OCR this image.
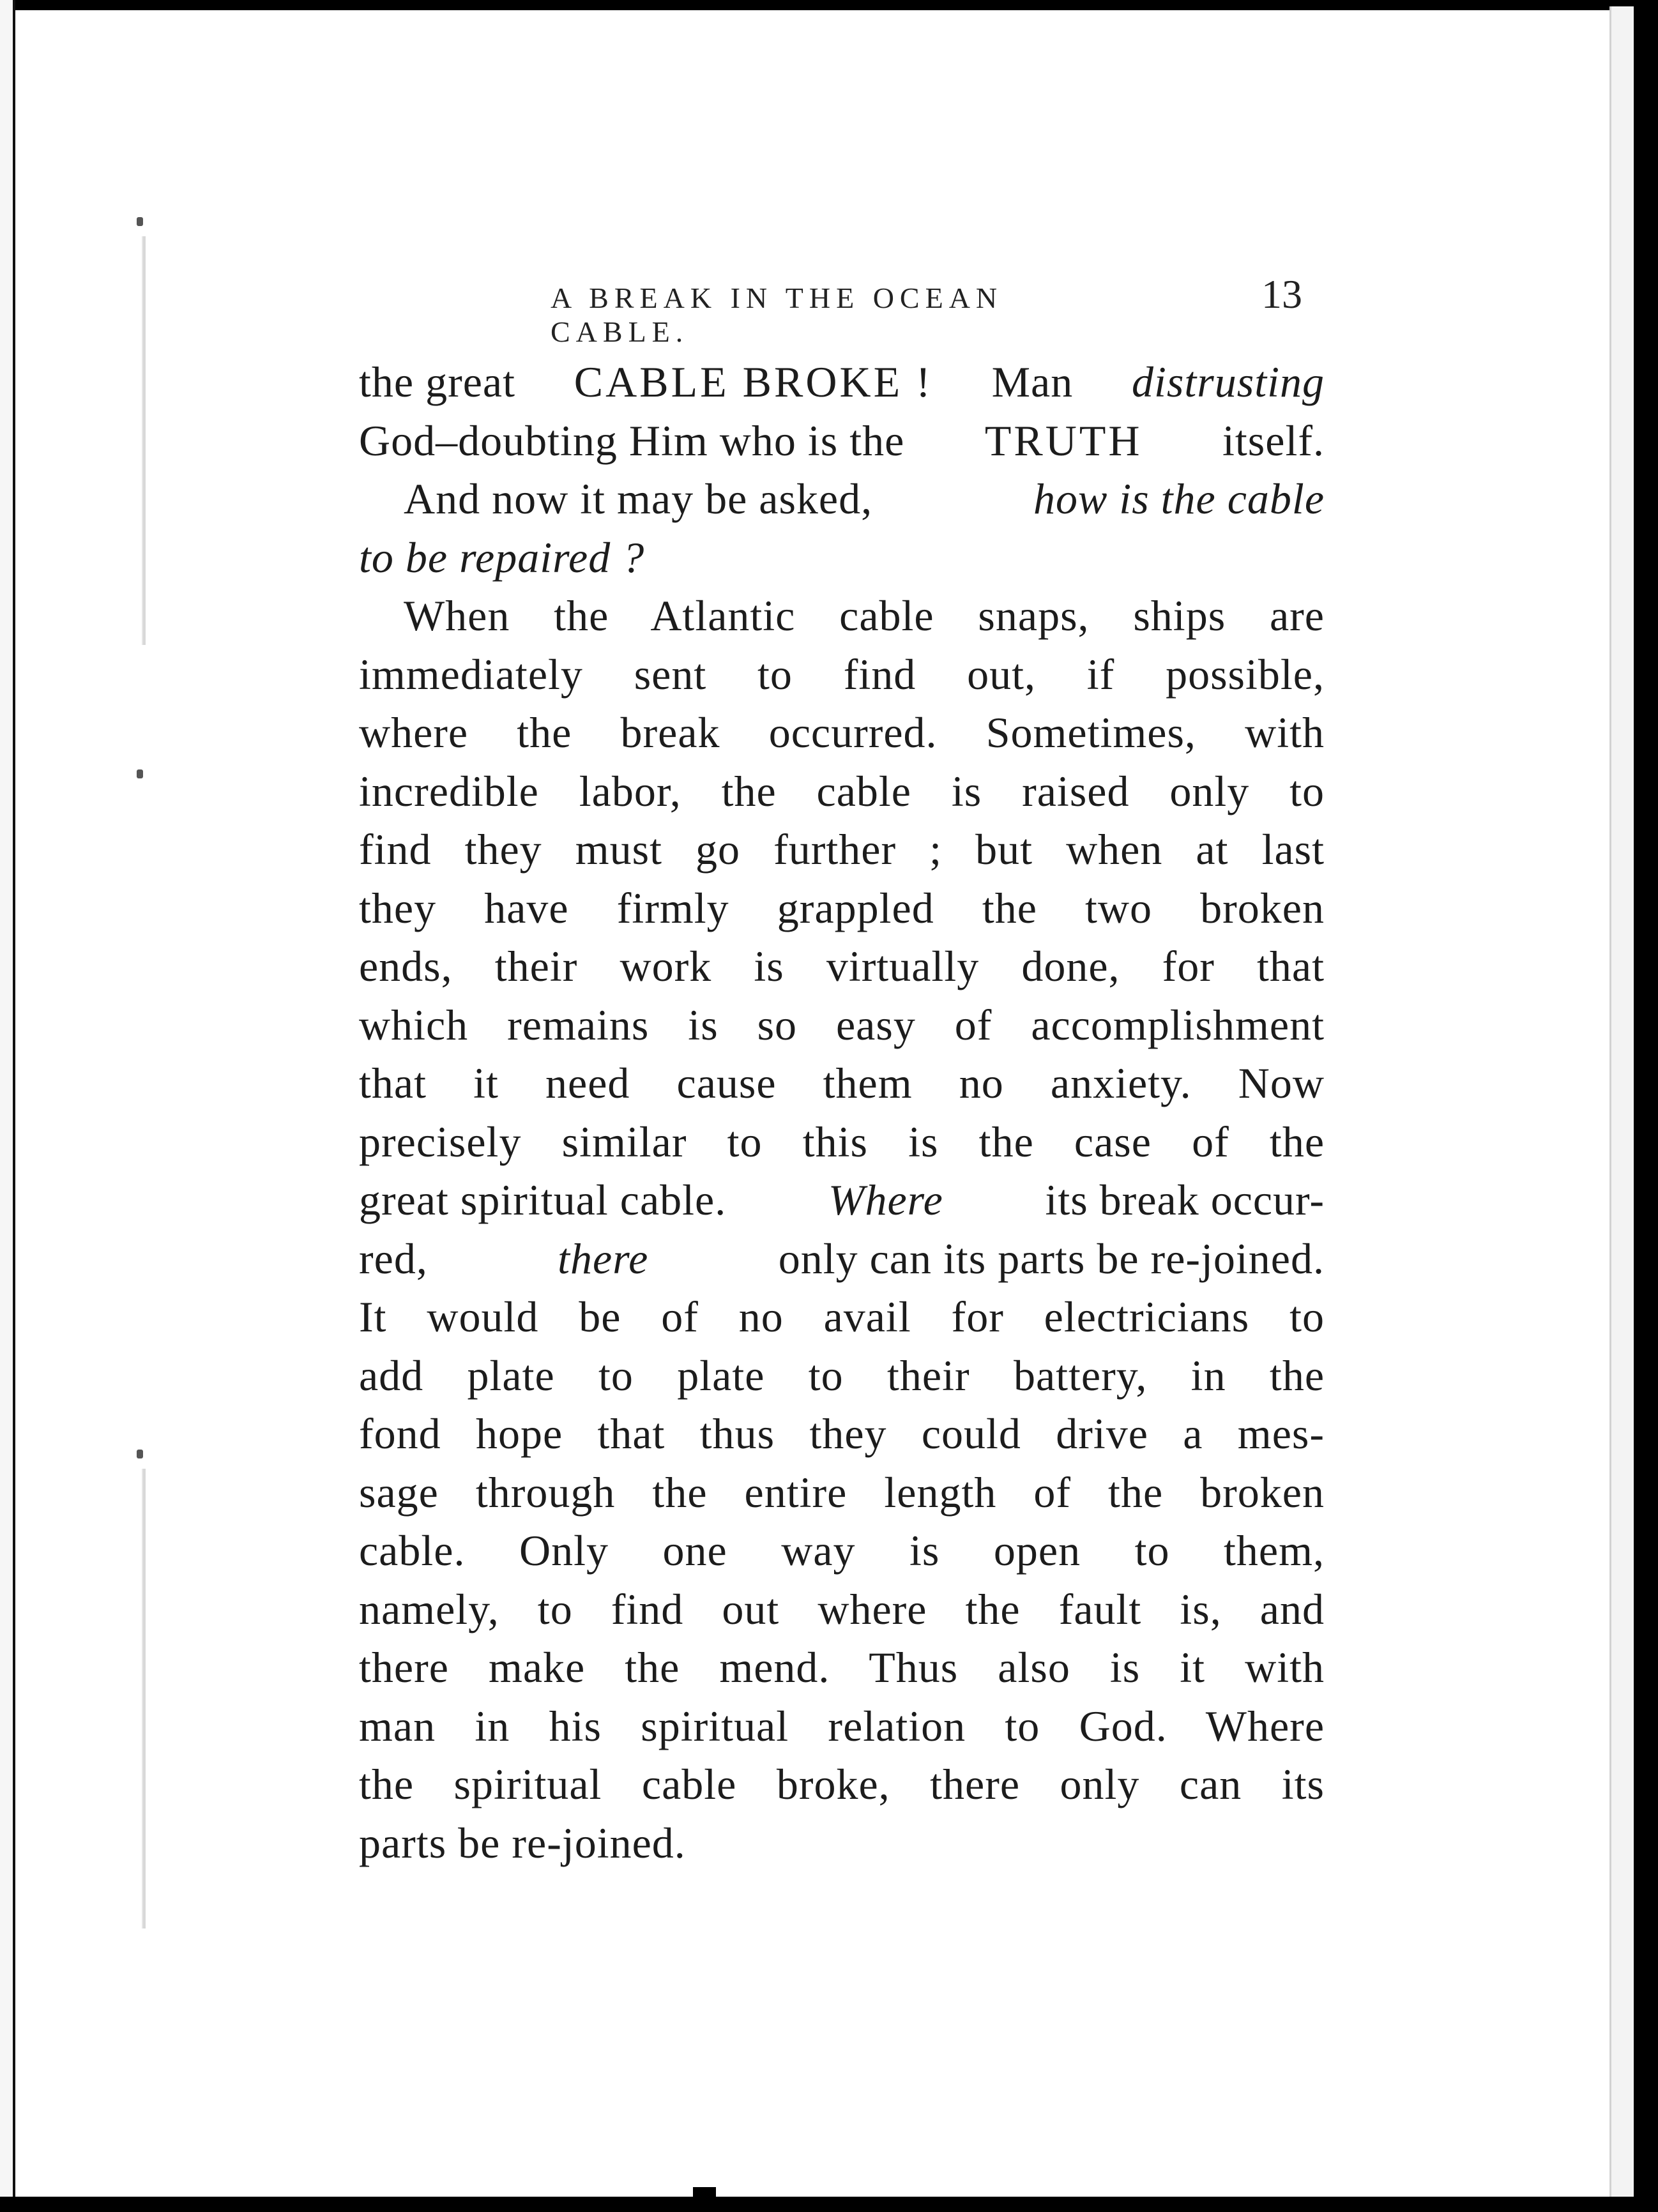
A BREAK IN THE OCEAN CABLE.
13
the great CABLE BROKE ! Man distrusting
God–doubting Him who is the TRUTH itself.
And now it may be asked,	how is the cable
to be repaired ?
When the Atlantic cable snaps, ships are
immediately sent to find out, if possible,
where the break occurred. Sometimes, with
incredible labor, the cable is raised only to
find they must go further ; but when at last
they have firmly grappled the two broken
ends, their work is virtually done, for that
which remains is so easy of accomplishment
that it need cause them no anxiety. Now
precisely similar to this is the case of the
great spiritual cable. Where its break occur-
red,	there	only can its parts be re-joined.
It would be of no avail for electricians to
add plate to plate to their battery, in the
fond hope that thus they could drive a mes-
sage through the entire length of the broken
cable. Only one way is open to them,
namely, to find out where the fault is, and
there make the mend. Thus also is it with
man in his spiritual relation to God. Where
the spiritual cable broke, there only can its
parts be re-joined.
